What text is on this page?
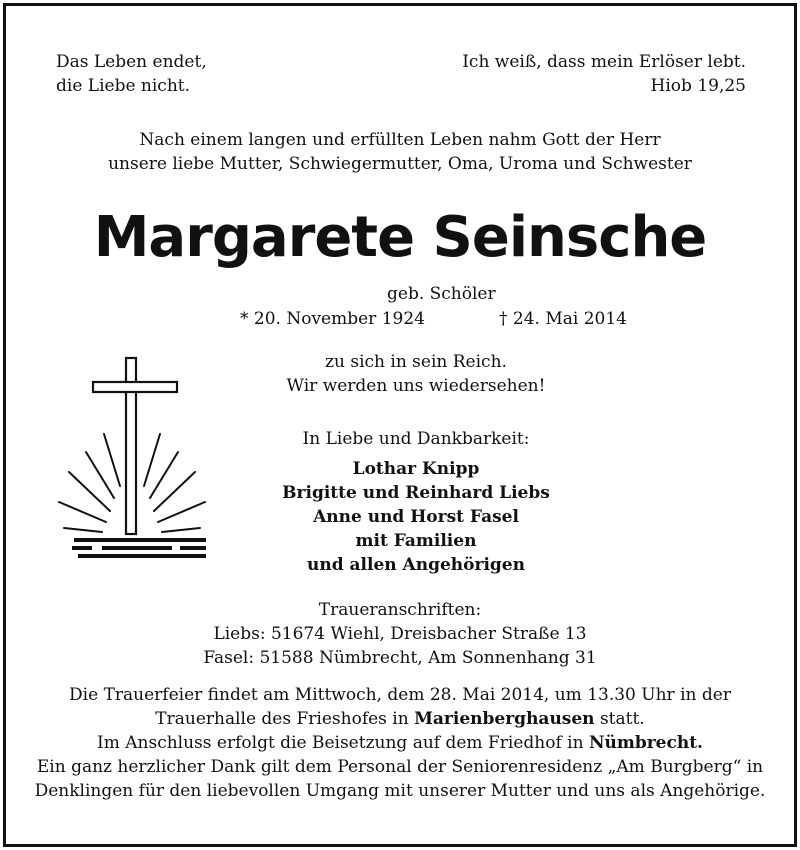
Das Leben endet,
die Liebe nicht.
Ich weiß, dass mein Erlöser lebt.
Hiob 19,25
Nach einem langen und erfüllten Leben nahm Gott der Herr
unsere liebe Mutter, Schwiegermutter, Oma, Uroma und Schwester
Margarete Seinsche
geb. Schöler
* 20. November 1924	† 24. Mai 2014
zu sich in sein Reich.
Wir werden uns wiedersehen!
In Liebe und Dankbarkeit:
Lothar Knipp
Brigitte und Reinhard Liebs
Anne und Horst Fasel
mit Familien
und allen Angehörigen
Traueranschriften:
Liebs: 51674 Wiehl, Dreisbacher Straße 13
Fasel: 51588 Nümbrecht, Am Sonnenhang 31
Die Trauerfeier findet am Mittwoch, dem 28. Mai 2014, um 13.30 Uhr in der
Trauerhalle des Frieshofes in Marienberghausen statt.
Im Anschluss erfolgt die Beisetzung auf dem Friedhof in Nümbrecht.
Ein ganz herzlicher Dank gilt dem Personal der Seniorenresidenz „Am Burgberg“ in
Denklingen für den liebevollen Umgang mit unserer Mutter und uns als Angehörige.
